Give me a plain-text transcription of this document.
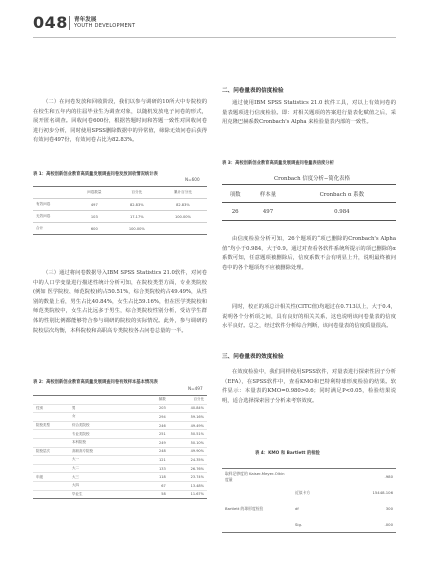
048 青年发展
YOUTH DEVELOPMENT
（二）在问卷发放和回收阶段，我们以参与调研的10所大中专院校的在校生和五年内的往届毕业生为调查对象，以随机发放电子问卷的形式，展开匿名调查。回收问卷600份，根据答题时间和答题一致性对回收问卷进行初步分析，同时使用SPSS删除数据中的异常值，筛除无效问卷后获得有效问卷497份，有效问卷占比为82.83%。
表 1：高校创新创业教育高质量发展调查问卷发放回收情况统计表
N=600
	问卷数量	百分比	累计百分比
有效问卷	497	82.83%	82.83%
无效问卷	103	17.17%	100.00%
合计	600	100.00%	
（三）通过将问卷数据导入IBM SPSS Statistics 21.0软件，对问卷中的人口学变量进行描述性统计分析可知，在院校类型方面，专业类院校(例如 医学院校、师范院校)约占50.51%，综合类院校约占49.49%，从性别的数量上看，男生占比40.84%，女生占比59.16%，但在医学类院校和师范类院校中，女生占比远多于男生，综合类院校性别分析，受访学生群体的性别比例都能够符合参与调研的院校的实际情况。此外，参与调研的院校层次均衡，本科院校和高职高专类院校各占问卷总量的一半。
表 2：高校创新创业教育高质量发展调查问卷有效样本基本情况表
N=497
		频数	百分比
性别	男	203	40.84%
	女	294	59.16%
院校类型	综合类院校	246	49.49%
	专业类院校	251	50.51%
	本科院校	249	50.10%
院校层次	高职高专院校	248	49.90%
	大一	121	24.35%
	大二	133	26.76%
年级	大三	118	23.74%
	大四	67	13.48%
	毕业生	58	11.67%
二、问卷量表的信度检验
通过使用IBM SPSS Statistics 21.0 软件工具，对以上有效问卷的量表题项进行信度检验。即：对相关题项的答案进行量表化赋值之后，采用克隆巴赫系数Cronbach's Alpha 来检验量表内部的一致性。
表 3：高校创新创业教育高质量发展调查问卷量表信度分析
Cronbach 信度分析−简化表格
项数	样本量	Cronbach α 系数
26	497	0.984
由信度检验分析可知，26个题项的“项已删除的Cronbach's Alpha值”均小于0.984，大于0.9。通过对查看各软件系统所提示的项已删除的α系数可知，任意题项被删除后，信度系数不会有明显上升，说明最终被问卷中的各个题项均不应被删除处理。
同时，校正的项总计相关性(CITC值)均超过在0.713以上，大于0.4，说明各个分析项之间，具有良好的相关关系，这也说明该问卷量表的信度水平良好。总之，经过软件分析综合判断，该问卷量表的信度质量很高。
三、问卷量表的效度检验
在效度检验中，我们同样使用SPSS软件，对量表进行探索性因子分析（EFA），在SPSS软件中，查看KMO和巴特利特球形度检验的结果。软件显示：本量表的KMO=0.980>0.6；同时满足P<0.05，检验结果说明，适合选择探索因子分析来考察效度。
表 4：KMO 和 Bartlett 的检验
取样足够度的 Kaiser-Meyer-Olkin 度量		.980
	近似卡方	15448.106
Bartlett 的球形度检验	df	300
	Sig.	.000
